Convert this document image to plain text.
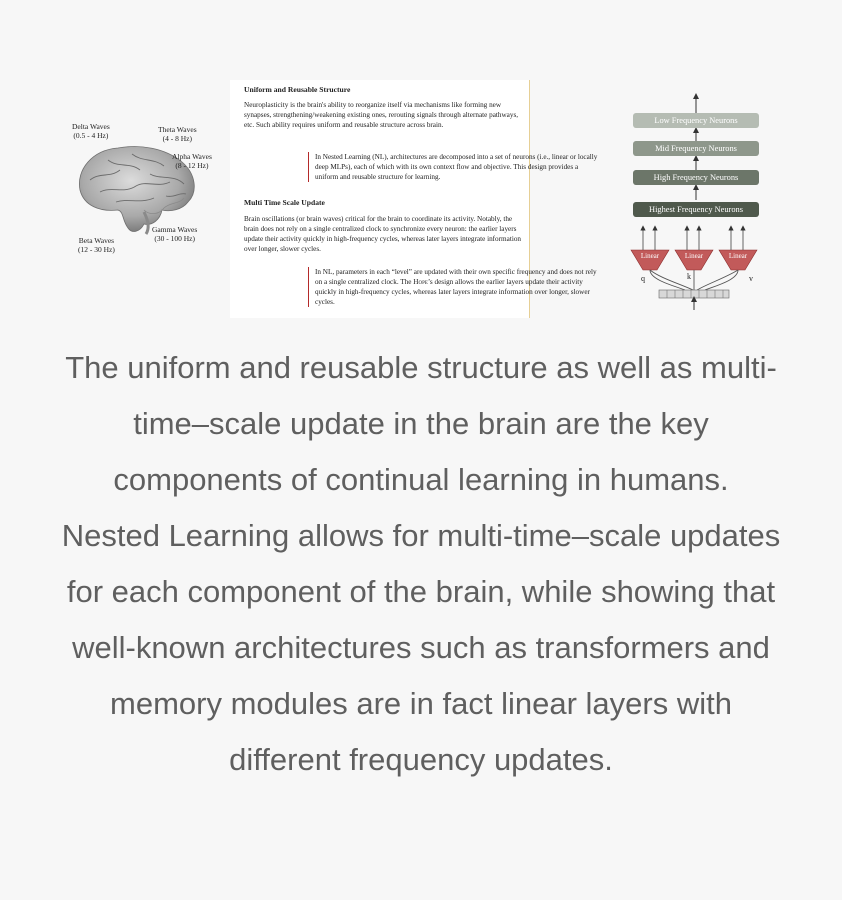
Delta Waves
(0.5 - 4 Hz)
Theta Waves
(4 - 8 Hz)
Alpha Waves
(8 - 12 Hz)
Gamma Waves
(30 - 100 Hz)
Beta Waves
(12 - 30 Hz)
Uniform and Reusable Structure
Neuroplasticity is the brain's ability to reorganize itself via mechanisms like forming new synapses, strengthening/weakening existing ones, rerouting signals through alternate pathways, etc. Such ability requires uniform and reusable structure across brain.
In Nested Learning (NL), architectures are decomposed into a set of neurons (i.e., linear or locally deep MLPs), each of which with its own context flow and objective. This design provides a uniform and reusable structure for learning.
Multi Time Scale Update
Brain oscillations (or brain waves) critical for the brain to coordinate its activity. Notably, the brain does not rely on a single centralized clock to synchronize every neuron: the earlier layers update their activity quickly in high-frequency cycles, whereas later layers integrate information over longer, slower cycles.
In NL, parameters in each “level” are updated with their own specific frequency and does not rely on a single centralized clock. The Hope’s design allows the earlier layers update their activity quickly in high-frequency cycles, whereas later layers integrate information over longer, slower cycles.
Linear	Linear	Linear
q	k	v
Low Frequency Neurons
Mid Frequency Neurons
High Frequency Neurons
Highest Frequency Neurons
The uniform and reusable structure as well as multi-time–scale update in the brain are the key components of continual learning in humans. Nested Learning allows for multi-time–scale updates for each component of the brain, while showing that well-known architectures such as transformers and memory modules are in fact linear layers with different frequency updates.
